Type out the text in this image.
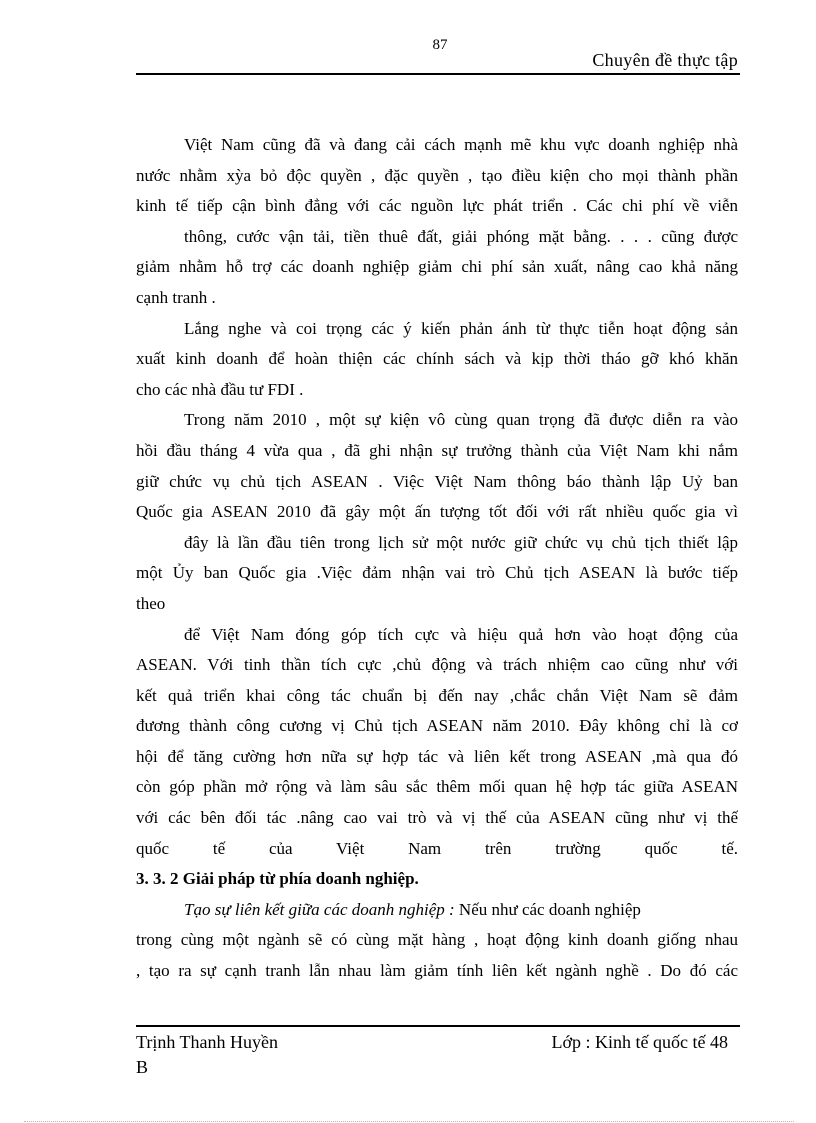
87
Chuyên đề thực tập
Việt Nam cũng đã và đang cải cách mạnh mẽ khu vực doanh nghiệp nhà
nước nhằm xỳa bỏ độc quyền , đặc quyền , tạo điều kiện cho mọi thành phần
kinh tế tiếp cận bình đẳng với các nguồn lực phát triển . Các chi phí về viễn
thông, cước vận tải, tiền thuê đất, giải phóng mặt bằng. . . . cũng được
giảm nhằm hỗ trợ các doanh nghiệp giảm chi phí sản xuất, nâng cao khả năng
cạnh tranh .
Lắng nghe và coi trọng các ý kiến phản ánh từ thực tiễn hoạt động sản
xuất kinh doanh để hoàn thiện các chính sách và kịp thời tháo gỡ khó khăn
cho các nhà đầu tư FDI .
Trong năm 2010 , một sự kiện vô cùng quan trọng đã được diễn ra vào
hồi đầu tháng 4 vừa qua , đã ghi nhận sự trưởng thành của Việt Nam khi nắm
giữ chức vụ chủ tịch ASEAN . Việc Việt Nam thông báo thành lập Uỷ ban
Quốc gia ASEAN 2010 đã gây một ấn tượng tốt đối với rất nhiều quốc gia vì
đây là lần đầu tiên trong lịch sử một nước giữ chức vụ chủ tịch thiết lập
một Ủy ban Quốc gia .Việc đảm nhận vai trò Chủ tịch ASEAN là bước tiếp
theo
để Việt Nam đóng góp tích cực và hiệu quả hơn vào hoạt động của
ASEAN. Với tinh thần tích cực ,chủ động và trách nhiệm cao cũng như với
kết quả triển khai công tác chuẩn bị đến nay ,chắc chắn Việt Nam sẽ đảm
đương thành công cương vị Chủ tịch ASEAN năm 2010. Đây không chỉ là cơ
hội để tăng cường hơn nữa sự hợp tác và liên kết trong ASEAN ,mà qua đó
còn góp phần mở rộng và làm sâu sắc thêm mối quan hệ hợp tác giữa ASEAN
với các bên đối tác .nâng cao vai trò và vị thế của ASEAN cũng như vị thế
quốc tế của Việt Nam trên trường quốc tế.
3. 3. 2 Giải pháp từ phía doanh nghiệp.
Tạo sự liên kết giữa các doanh nghiệp : Nếu như các doanh nghiệp
trong cùng một ngành sẽ có cùng mặt hàng , hoạt động kinh doanh giống nhau
, tạo ra sự cạnh tranh lẫn nhau làm giảm tính liên kết ngành nghề . Do đó các
Trịnh Thanh Huyền
B
Lớp : Kinh tế quốc tế 48
